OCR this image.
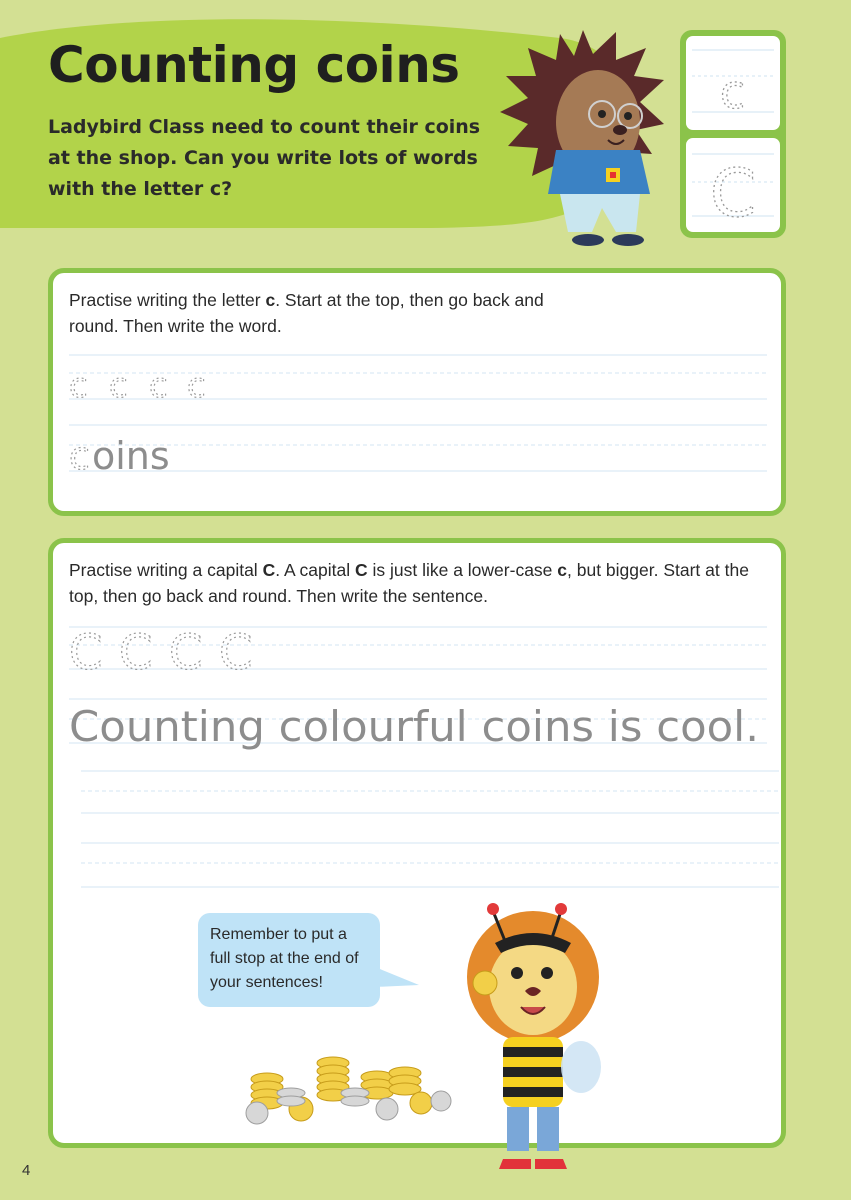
Counting coins
Ladybird Class need to count their coins at the shop. Can you write lots of words with the letter c?
c
C
Practise writing the letter c. Start at the top, then go back and round. Then write the word.
c c c c
c oins
Practise writing a capital C. A capital C is just like a lower-case c, but bigger. Start at the top, then go back and round. Then write the sentence.
C C C C
Counting colourful coins is cool.
Remember to put a full stop at the end of your sentences!
4
